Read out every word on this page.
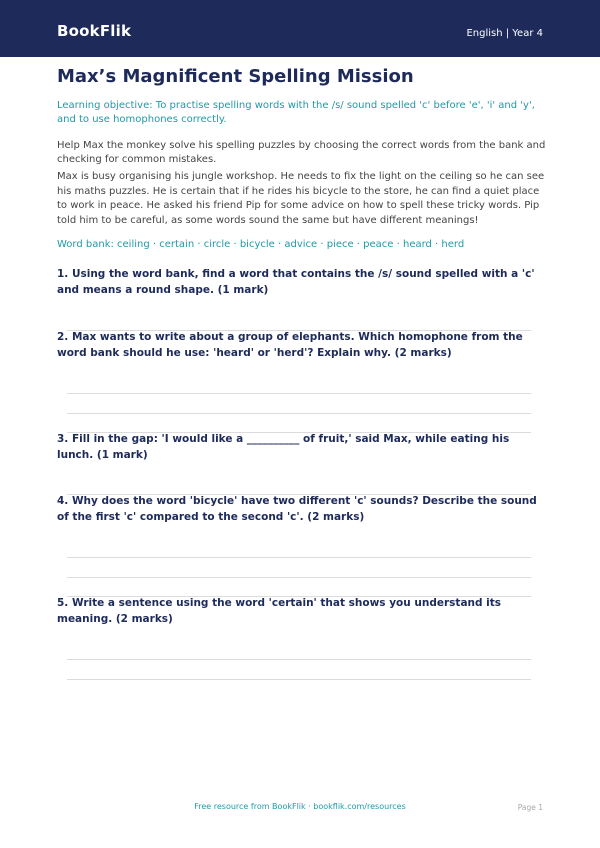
BookFlik	English | Year 4
Max’s Magnificent Spelling Mission

Learning objective: To practise spelling words with the /s/ sound spelled 'c' before 'e', 'i' and 'y', and to use homophones correctly.

Help Max the monkey solve his spelling puzzles by choosing the correct words from the bank and checking for common mistakes.

Max is busy organising his jungle workshop. He needs to fix the light on the ceiling so he can see his maths puzzles. He is certain that if he rides his bicycle to the store, he can find a quiet place to work in peace. He asked his friend Pip for some advice on how to spell these tricky words. Pip told him to be careful, as some words sound the same but have different meanings!

Word bank: ceiling · certain · circle · bicycle · advice · piece · peace · heard · herd

1. Using the word bank, find a word that contains the /s/ sound spelled with a 'c' and means a round shape. (1 mark)

2. Max wants to write about a group of elephants. Which homophone from the word bank should he use: 'heard' or 'herd'? Explain why. (2 marks)

3. Fill in the gap: 'I would like a __________ of fruit,' said Max, while eating his lunch. (1 mark)

4. Why does the word 'bicycle' have two different 'c' sounds? Describe the sound of the first 'c' compared to the second 'c'. (2 marks)

5. Write a sentence using the word 'certain' that shows you understand its meaning. (2 marks)

Free resource from BookFlik · bookflik.com/resources	Page 1
